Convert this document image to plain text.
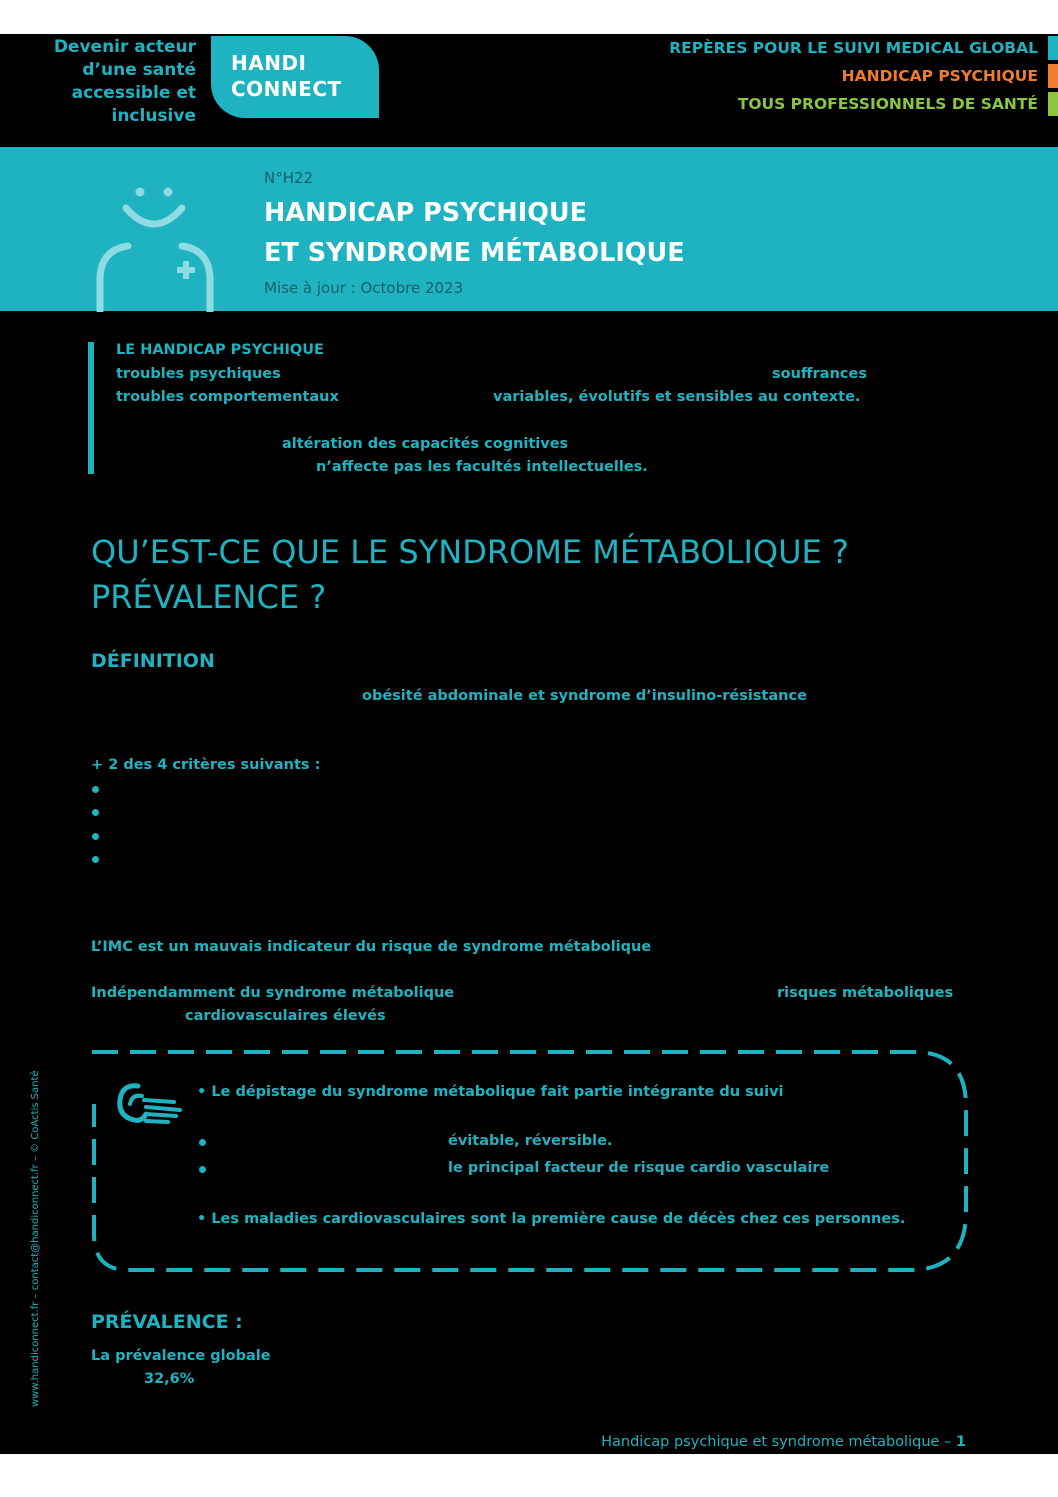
Devenir acteur d’une santé accessible et inclusive

HANDI
CONNECT
REPÈRES POUR LE SUIVI MEDICAL GLOBAL
HANDICAP PSYCHIQUE
TOUS PROFESSIONNELS DE SANTÉ

N°H22

HANDICAP PSYCHIQUE
ET SYNDROME MÉTABOLIQUE

Mise à jour : Octobre 2023

LE HANDICAP PSYCHIQUE

troubles psychiques	souffrances

troubles comportementaux	variables, évolutifs et sensibles au contexte.

altération des capacités cognitives

n’affecte pas les facultés intellectuelles.

QU’EST-CE QUE LE SYNDROME MÉTABOLIQUE ?
PRÉVALENCE ?
DÉFINITION

obésité abdominale et syndrome d’insulino-résistance

+ 2 des 4 critères suivants :

L’IMC est un mauvais indicateur du risque de syndrome métabolique

Indépendamment du syndrome métabolique	risques métaboliques

cardiovasculaires élevés

• Le dépistage du syndrome métabolique fait partie intégrante du suivi

évitable, réversible.

le principal facteur de risque cardio vasculaire

• Les maladies cardiovasculaires sont la première cause de décès chez ces personnes.

PRÉVALENCE :

La prévalence globale

32,6%

www.handiconnect.fr – contact@handiconnect.fr – © CoActis Santé

Handicap psychique et syndrome métabolique – 1
